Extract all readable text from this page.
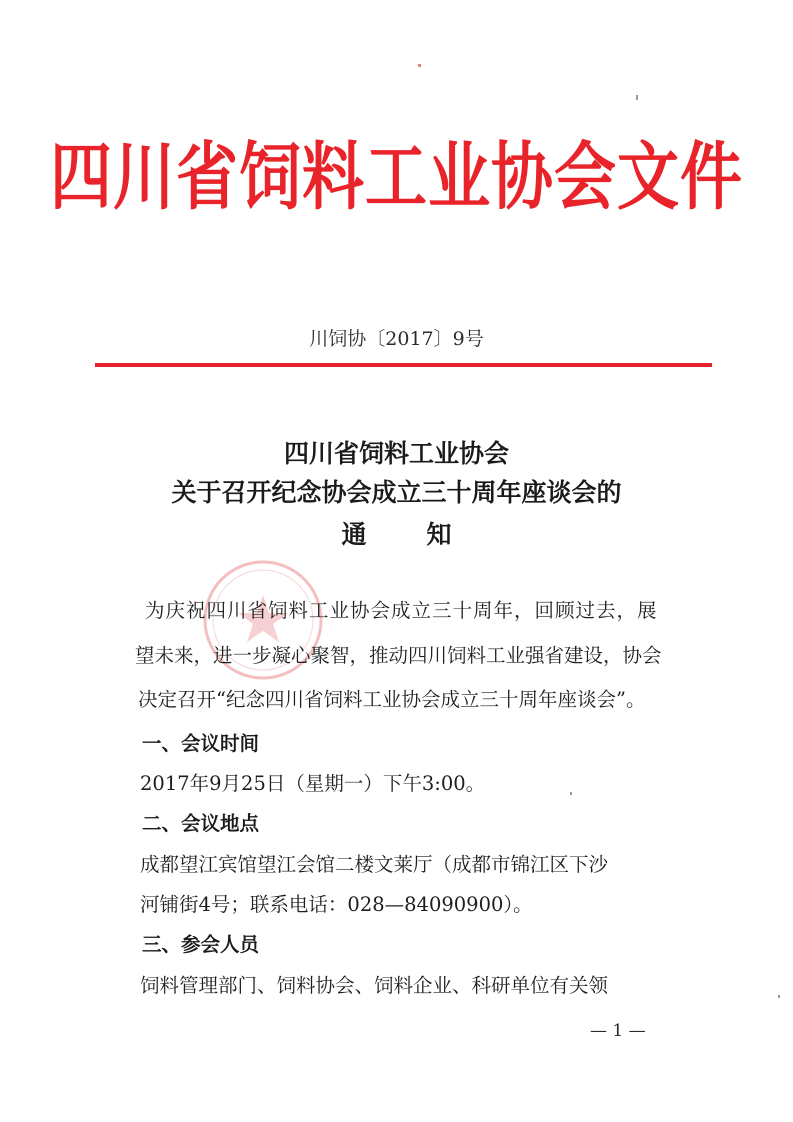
四川省饲料工业协会文件
川饲协〔2017〕9号
四川省饲料工业协会
关于召开纪念协会成立三十周年座谈会的
通 知
为庆祝四川省饲料工业协会成立三十周年，回顾过去，展
望未来，进一步凝心聚智，推动四川饲料工业强省建设，协会
决定召开“纪念四川省饲料工业协会成立三十周年座谈会”。
一、会议时间
2017年9月25日（星期一）下午3:00。
二、会议地点
成都望江宾馆望江会馆二楼文莱厅（成都市锦江区下沙
河铺街4号；联系电话：028—84090900）。
三、参会人员
饲料管理部门、饲料协会、饲料企业、科研单位有关领
— 1 —
